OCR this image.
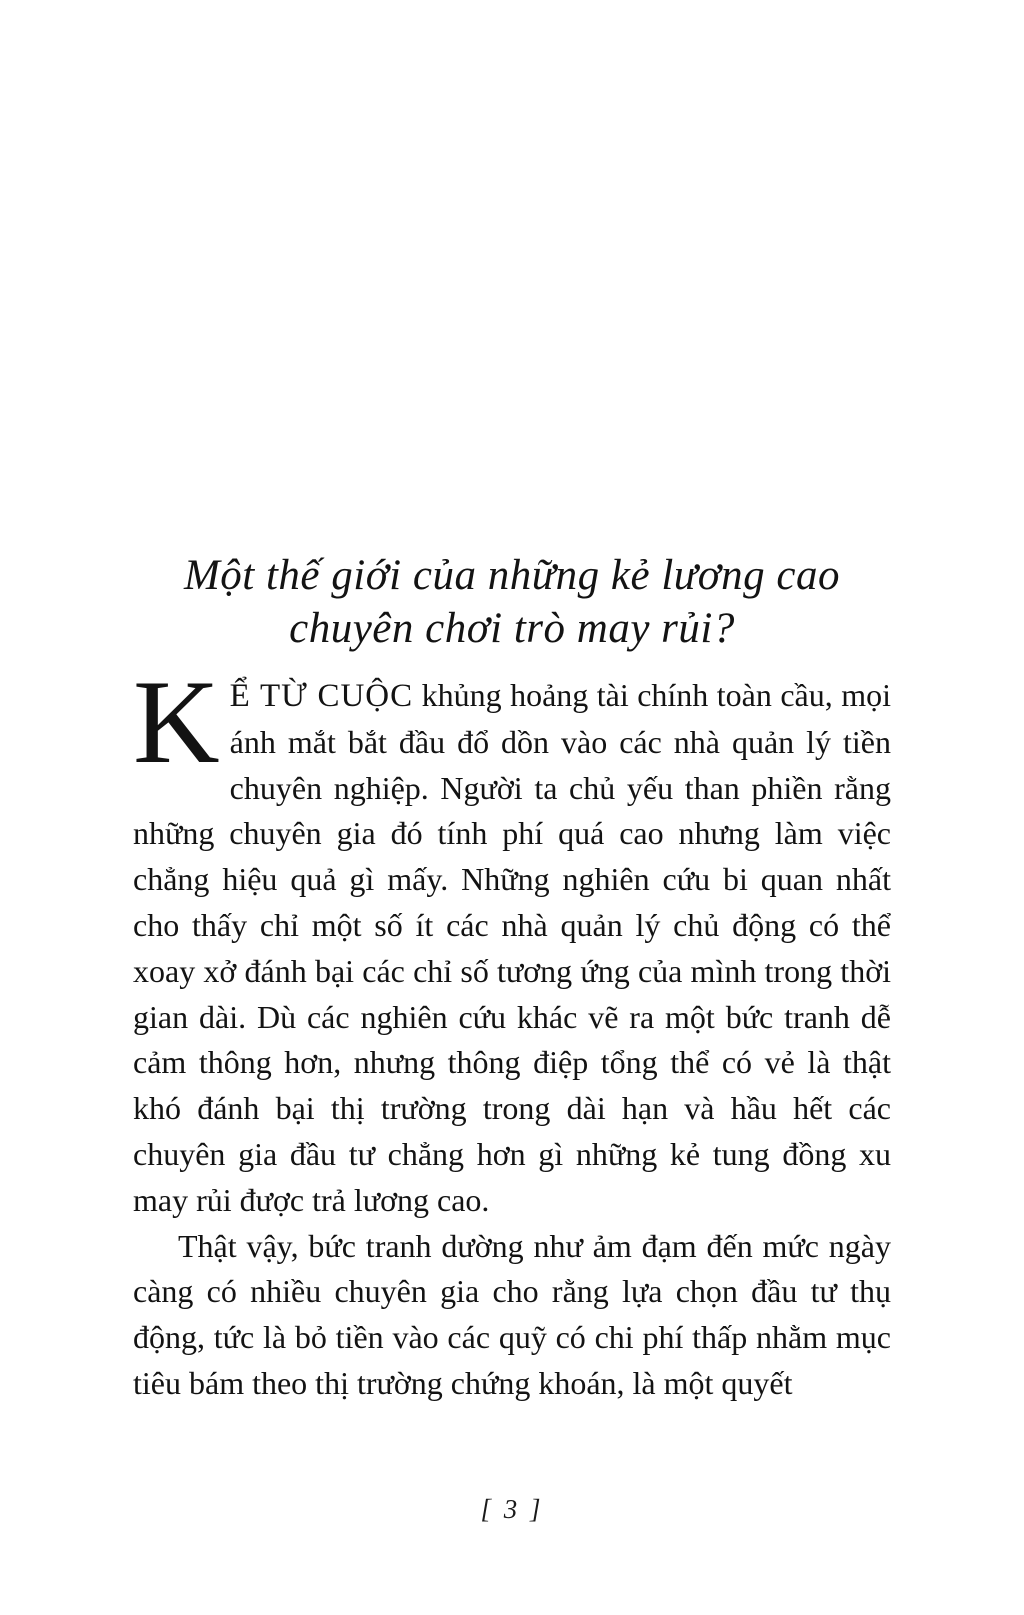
Một thế giới của những kẻ lương cao
chuyên chơi trò may rủi?

K Ể TỪ CUỘC khủng hoảng tài chính toàn cầu, mọi ánh mắt bắt đầu đổ dồn vào các nhà quản lý tiền chuyên nghiệp. Người ta chủ yếu than phiền rằng những chuyên gia đó tính phí quá cao nhưng làm việc chẳng hiệu quả gì mấy. Những nghiên cứu bi quan nhất cho thấy chỉ một số ít các nhà quản lý chủ động có thể xoay xở đánh bại các chỉ số tương ứng của mình trong thời gian dài. Dù các nghiên cứu khác vẽ ra một bức tranh dễ cảm thông hơn, nhưng thông điệp tổng thể có vẻ là thật khó đánh bại thị trường trong dài hạn và hầu hết các chuyên gia đầu tư chẳng hơn gì những kẻ tung đồng xu may rủi được trả lương cao.

Thật vậy, bức tranh dường như ảm đạm đến mức ngày càng có nhiều chuyên gia cho rằng lựa chọn đầu tư thụ động, tức là bỏ tiền vào các quỹ có chi phí thấp nhằm mục tiêu bám theo thị trường chứng khoán, là một quyết

[ 3 ]
